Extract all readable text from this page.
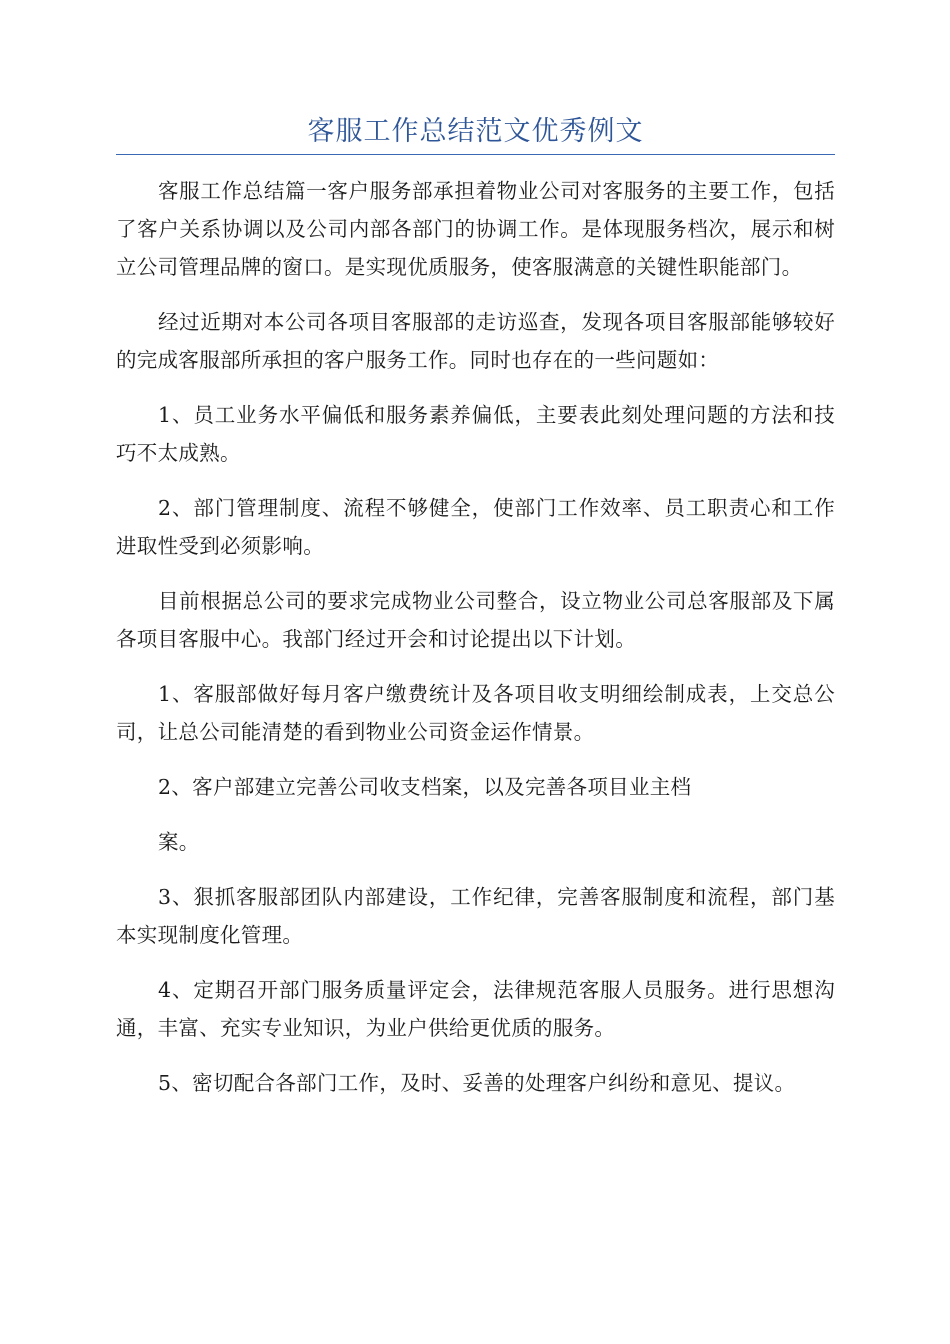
客服工作总结范文优秀例文

客服工作总结篇一客户服务部承担着物业公司对客服务的主要工作，包括了客户关系协调以及公司内部各部门的协调工作。是体现服务档次，展示和树立公司管理品牌的窗口。是实现优质服务，使客服满意的关键性职能部门。

经过近期对本公司各项目客服部的走访巡查，发现各项目客服部能够较好的完成客服部所承担的客户服务工作。同时也存在的一些问题如：

1、员工业务水平偏低和服务素养偏低，主要表此刻处理问题的方法和技巧不太成熟。

2、部门管理制度、流程不够健全，使部门工作效率、员工职责心和工作进取性受到必须影响。

目前根据总公司的要求完成物业公司整合，设立物业公司总客服部及下属各项目客服中心。我部门经过开会和讨论提出以下计划。

1、客服部做好每月客户缴费统计及各项目收支明细绘制成表，上交总公司，让总公司能清楚的看到物业公司资金运作情景。

2、客户部建立完善公司收支档案，以及完善各项目业主档

案。

3、狠抓客服部团队内部建设，工作纪律，完善客服制度和流程，部门基本实现制度化管理。

4、定期召开部门服务质量评定会，法律规范客服人员服务。进行思想沟通，丰富、充实专业知识，为业户供给更优质的服务。

5、密切配合各部门工作，及时、妥善的处理客户纠纷和意见、提议。
